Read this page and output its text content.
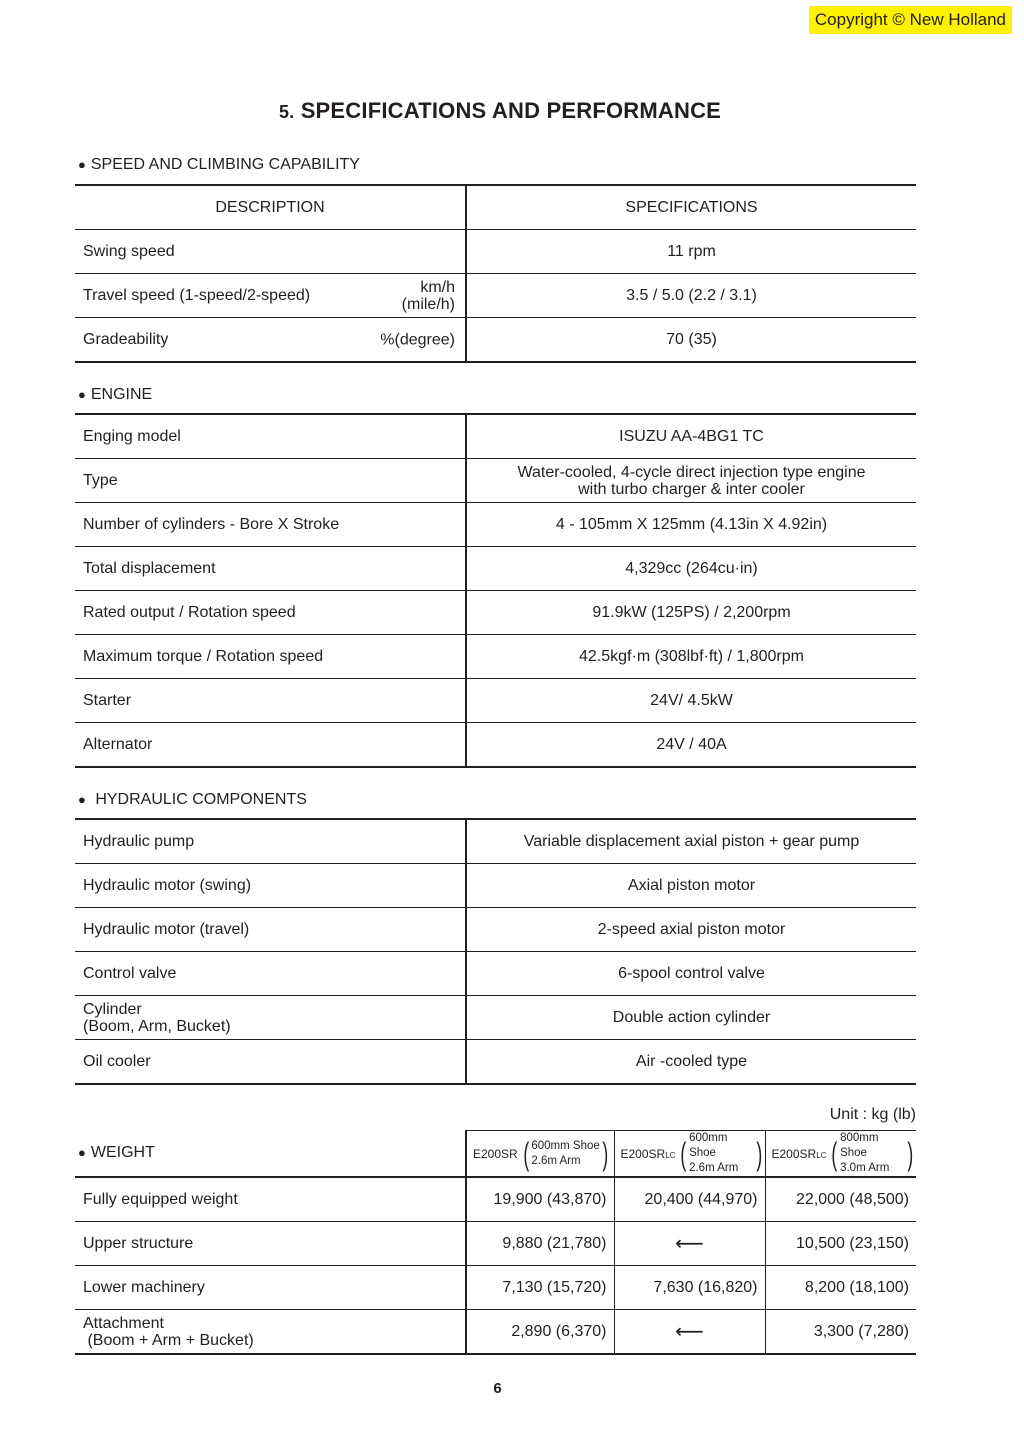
Copyright © New Holland
5. SPECIFICATIONS AND PERFORMANCE
● SPEED AND CLIMBING CAPABILITY
DESCRIPTION	SPECIFICATIONS
Swing speed	11 rpm
Travel speed (1-speed/2-speed) km/h
(mile/h)	3.5 / 5.0 (2.2 / 3.1)
Gradeability %(degree)	70 (35)
● ENGINE
Enging model	ISUZU AA-4BG1 TC
Type	Water-cooled, 4-cycle direct injection type engine
with turbo charger & inter cooler

Number of cylinders - Bore X Stroke	4 - 105mm X 125mm (4.13in X 4.92in)
Total displacement	4,329cc (264cu·in)
Rated output / Rotation speed	91.9kW (125PS) / 2,200rpm
Maximum torque / Rotation speed	42.5kgf·m (308lbf·ft) / 1,800rpm
Starter	24V/ 4.5kW
Alternator	24V / 40A
● HYDRAULIC COMPONENTS
Hydraulic pump	Variable displacement axial piston + gear pump
Hydraulic motor (swing)	Axial piston motor
Hydraulic motor (travel)	2-speed axial piston motor
Control valve	6-spool control valve

Cylinder
(Boom, Arm, Bucket)	Double action cylinder
Oil cooler	Air -cooled type
Unit : kg (lb)
● WEIGHT	E200SR ( 600mm Shoe
2.6m Arm )	E200SRLC ( 600mm Shoe
2.6m Arm )	E200SRLC ( 800mm Shoe
3.0m Arm )

Fully equipped weight	19,900 (43,870)	20,400 (44,970)	22,000 (48,500)
Upper structure	9,880 (21,780)	⟵	10,500 (23,150)
Lower machinery	7,130 (15,720)	7,630 (16,820)	8,200 (18,100)

Attachment
(Boom + Arm + Bucket)	2,890 (6,370)	⟵	3,300 (7,280)
6
